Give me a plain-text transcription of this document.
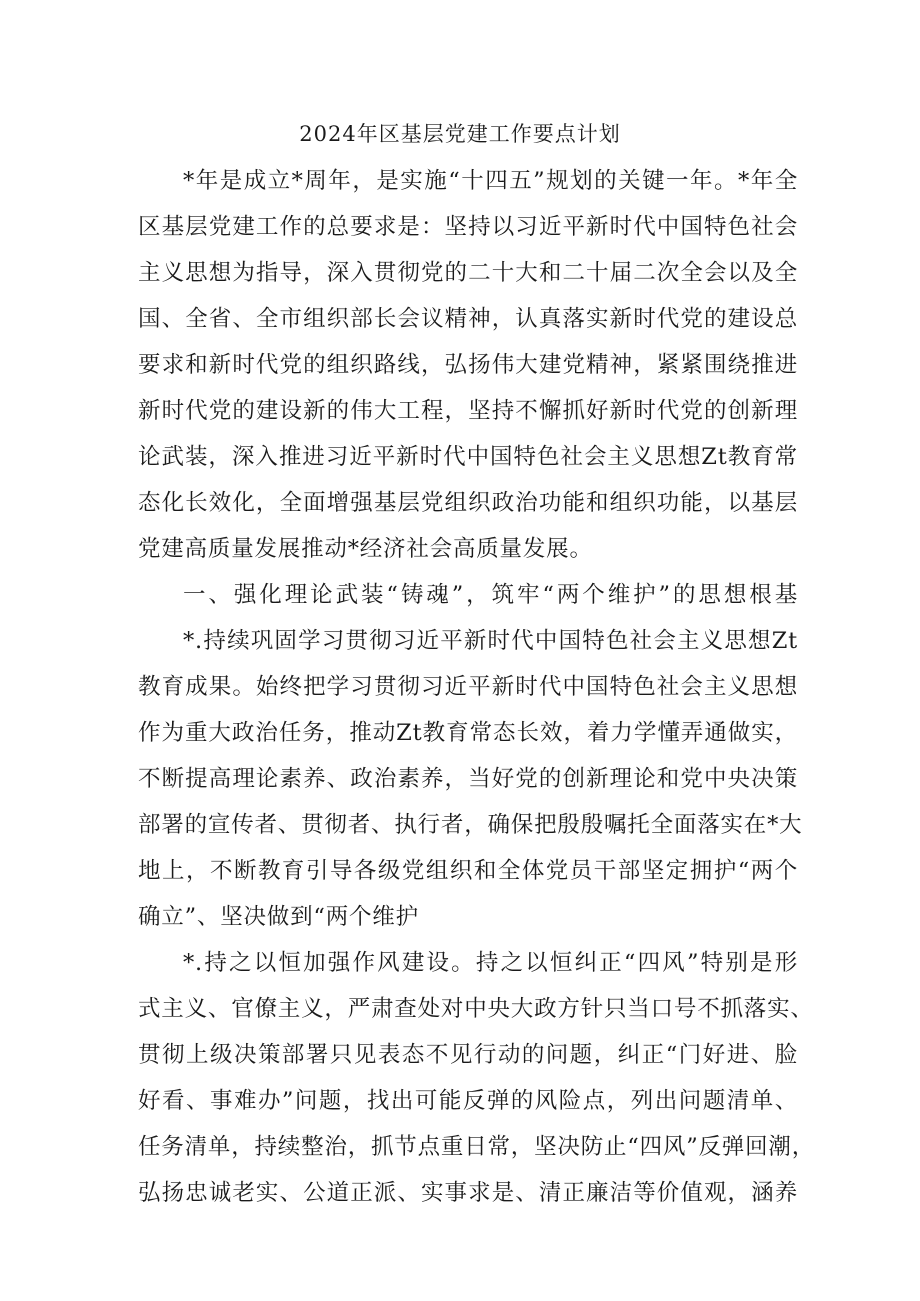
2024年区基层党建工作要点计划
*年是成立*周年，是实施“十四五”规划的关键一年。*年全
区基层党建工作的总要求是：坚持以习近平新时代中国特色社会
主义思想为指导，深入贯彻党的二十大和二十届二次全会以及全
国、全省、全市组织部长会议精神，认真落实新时代党的建设总
要求和新时代党的组织路线，弘扬伟大建党精神，紧紧围绕推进
新时代党的建设新的伟大工程，坚持不懈抓好新时代党的创新理
论武装，深入推进习近平新时代中国特色社会主义思想Zt教育常
态化长效化，全面增强基层党组织政治功能和组织功能，以基层
党建高质量发展推动*经济社会高质量发展。
一、强化理论武装“铸魂”，筑牢“两个维护”的思想根基
*.持续巩固学习贯彻习近平新时代中国特色社会主义思想Zt
教育成果。始终把学习贯彻习近平新时代中国特色社会主义思想
作为重大政治任务，推动Zt教育常态长效，着力学懂弄通做实，
不断提高理论素养、政治素养，当好党的创新理论和党中央决策
部署的宣传者、贯彻者、执行者，确保把殷殷嘱托全面落实在*大
地上，不断教育引导各级党组织和全体党员干部坚定拥护“两个
确立”、坚决做到“两个维护
*.持之以恒加强作风建设。持之以恒纠正“四风”特别是形
式主义、官僚主义，严肃查处对中央大政方针只当口号不抓落实、
贯彻上级决策部署只见表态不见行动的问题，纠正“门好进、脸
好看、事难办”问题，找出可能反弹的风险点，列出问题清单、
任务清单，持续整治，抓节点重日常，坚决防止“四风”反弹回潮，
弘扬忠诚老实、公道正派、实事求是、清正廉洁等价值观，涵养
